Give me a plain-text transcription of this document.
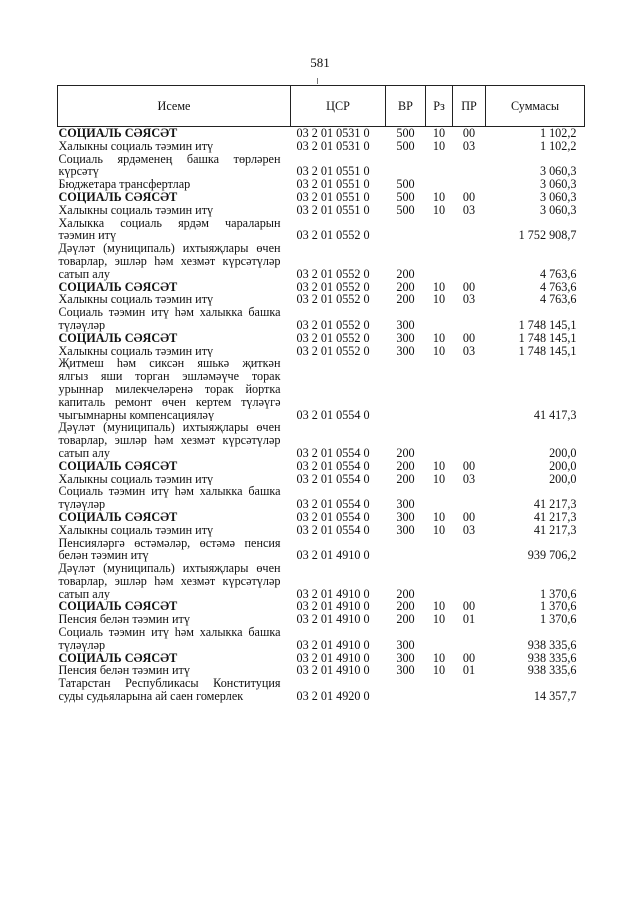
581
Исеме	ЦСР	ВР	Рз	ПР	Суммасы

СОЦИАЛЬ СӘЯСӘТ	03 2 01 0531 0	500	10	00	1 102,2

Халыкны социаль тәэмин итү	03 2 01 0531 0	500	10	03	1 102,2

Социаль ярдәменең башка төрләрен
күрсәтү	03 2 01 0551 0				3 060,3

Бюджетара трансфертлар	03 2 01 0551 0	500			3 060,3

СОЦИАЛЬ СӘЯСӘТ	03 2 01 0551 0	500	10	00	3 060,3

Халыкны социаль тәэмин итү	03 2 01 0551 0	500	10	03	3 060,3

Халыкка социаль ярдәм чараларын
тәэмин итү	03 2 01 0552 0				1 752 908,7

Дәүләт (муниципаль) ихтыяҗлары өчен
товарлар, эшләр һәм хезмәт күрсәтүләр
сатып алу	03 2 01 0552 0	200			4 763,6

СОЦИАЛЬ СӘЯСӘТ	03 2 01 0552 0	200	10	00	4 763,6

Халыкны социаль тәэмин итү	03 2 01 0552 0	200	10	03	4 763,6

Социаль тәэмин итү һәм халыкка башка
түләүләр	03 2 01 0552 0	300			1 748 145,1

СОЦИАЛЬ СӘЯСӘТ	03 2 01 0552 0	300	10	00	1 748 145,1

Халыкны социаль тәэмин итү	03 2 01 0552 0	300	10	03	1 748 145,1

Җитмеш һәм сиксән яшькә җиткән
ялгыз яши торган эшләмәүче торак
урыннар милекчеләренә торак йортка
капиталь ремонт өчен кертем түләүгә
чыгымнарны компенсацияләү	03 2 01 0554 0				41 417,3

Дәүләт (муниципаль) ихтыяҗлары өчен
товарлар, эшләр һәм хезмәт күрсәтүләр
сатып алу	03 2 01 0554 0	200			200,0

СОЦИАЛЬ СӘЯСӘТ	03 2 01 0554 0	200	10	00	200,0

Халыкны социаль тәэмин итү	03 2 01 0554 0	200	10	03	200,0

Социаль тәэмин итү һәм халыкка башка
түләүләр	03 2 01 0554 0	300			41 217,3

СОЦИАЛЬ СӘЯСӘТ	03 2 01 0554 0	300	10	00	41 217,3

Халыкны социаль тәэмин итү	03 2 01 0554 0	300	10	03	41 217,3

Пенсияләргә өстәмәләр, өстәмә пенсия
белән тәэмин итү	03 2 01 4910 0				939 706,2

Дәүләт (муниципаль) ихтыяҗлары өчен
товарлар, эшләр һәм хезмәт күрсәтүләр
сатып алу	03 2 01 4910 0	200			1 370,6

СОЦИАЛЬ СӘЯСӘТ	03 2 01 4910 0	200	10	00	1 370,6

Пенсия белән тәэмин итү	03 2 01 4910 0	200	10	01	1 370,6

Социаль тәэмин итү һәм халыкка башка
түләүләр	03 2 01 4910 0	300			938 335,6

СОЦИАЛЬ СӘЯСӘТ	03 2 01 4910 0	300	10	00	938 335,6

Пенсия белән тәэмин итү	03 2 01 4910 0	300	10	01	938 335,6

Татарстан Республикасы Конституция
суды судьяларына ай саен гомерлек	03 2 01 4920 0				14 357,7
